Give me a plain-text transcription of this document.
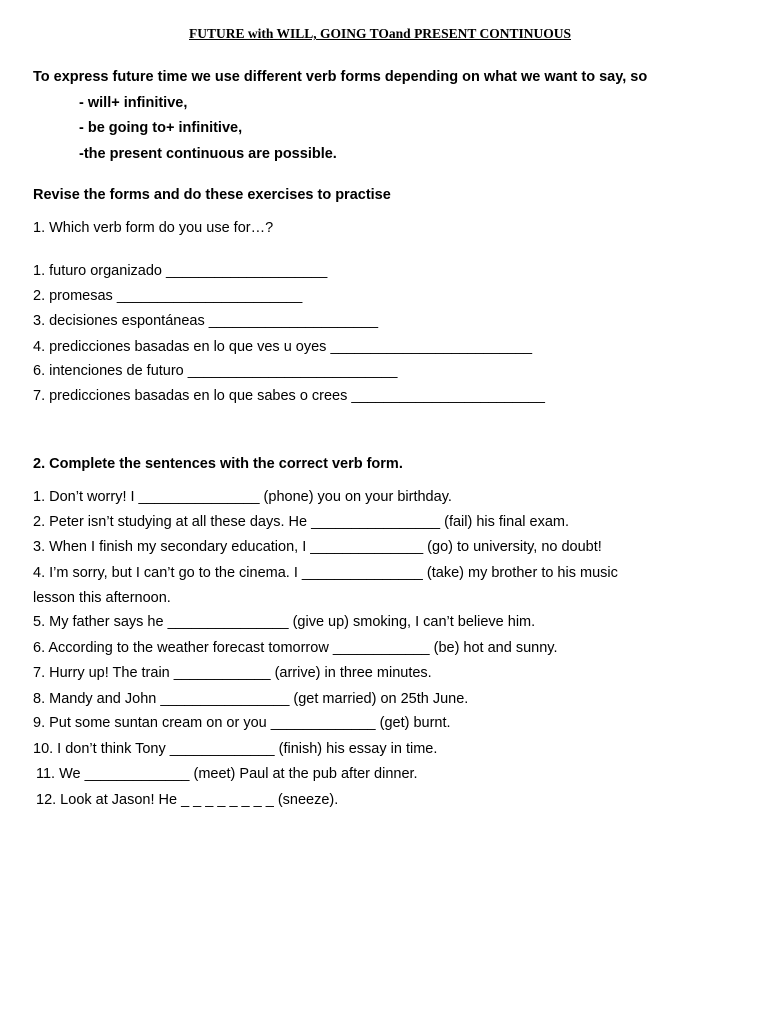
FUTURE with WILL, GOING TOand PRESENT CONTINUOUS
To express future time we use different verb forms depending on what we want to say, so
- will+ infinitive,
- be going to+ infinitive,
-the present continuous are possible.
Revise the forms and do these exercises to practise
1. Which verb form do you use for…?
1. futuro organizado ____________________
2. promesas _______________________
3. decisiones espontáneas _____________________
4. predicciones basadas en lo que ves u oyes _________________________
6. intenciones de futuro __________________________
7. predicciones basadas en lo que sabes o crees ________________________
2. Complete the sentences with the correct verb form.
1. Don’t worry! I _______________ (phone) you on your birthday.
2. Peter isn’t studying at all these days. He ________________ (fail) his final exam.
3. When I finish my secondary education, I ______________ (go) to university, no doubt!
4. I’m sorry, but I can’t go to the cinema. I _______________ (take) my brother to his music
lesson this afternoon.
5. My father says he _______________ (give up) smoking, I can’t believe him.
6. According to the weather forecast tomorrow ____________ (be) hot and sunny.
7. Hurry up! The train ____________ (arrive) in three minutes.
8. Mandy and John ________________ (get married) on 25th June.
9. Put some suntan cream on or you _____________ (get) burnt.
10. I don’t think Tony _____________ (finish) his essay in time.
11. We _____________ (meet) Paul at the pub after dinner.
12. Look at Jason! He _ _ _ _ _ _ _ _ (sneeze).
